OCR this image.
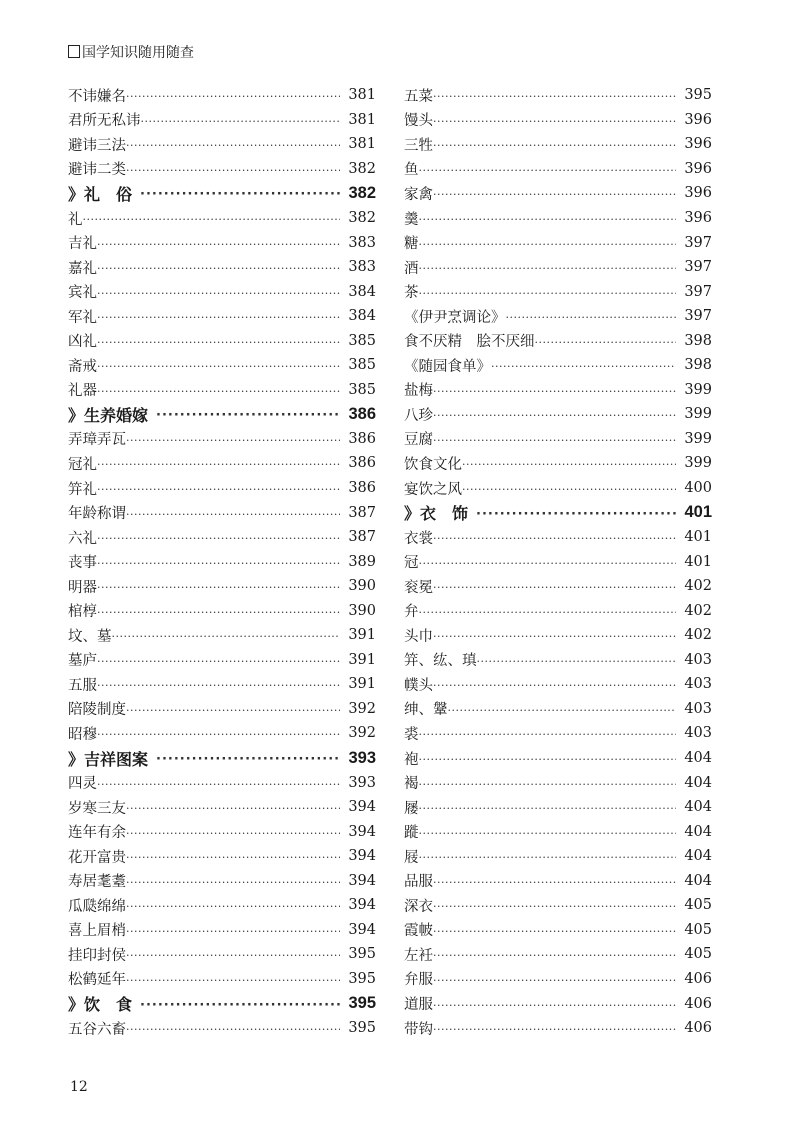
国学知识随用随查
不讳嫌名 ·····	381
君所无私讳 ·····	381
避讳三法 ·····	381
避讳二类 ·····	382
》礼　俗 ·····	382
礼 ·····	382
吉礼 ·····	383
嘉礼 ·····	383
宾礼 ·····	384
军礼 ·····	384
凶礼 ·····	385
斋戒 ·····	385
礼器 ·····	385
》生养婚嫁 ·····	386
弄璋弄瓦 ·····	386
冠礼 ·····	386
笄礼 ·····	386
年龄称谓 ·····	387
六礼 ·····	387
丧事 ·····	389
明器 ·····	390
棺椁 ·····	390
坟、墓 ·····	391
墓庐 ·····	391
五服 ·····	391
陪陵制度 ·····	392
昭穆 ·····	392
》吉祥图案 ·····	393
四灵 ·····	393
岁寒三友 ·····	394
连年有余 ·····	394
花开富贵 ·····	394
寿居耄耋 ·····	394
瓜瓞绵绵 ·····	394
喜上眉梢 ·····	394
挂印封侯 ·····	395
松鹤延年 ·····	395
》饮　食 ·····	395
五谷六畜 ·····	395
五菜 ·····	395
馒头 ·····	396
三牲 ·····	396
鱼 ·····	396
家禽 ·····	396
羹 ·····	396
糖 ·····	397
酒 ·····	397
茶 ·····	397
《伊尹烹调论》 ·····	397
食不厌精　脍不厌细 ·····	398
《随园食单》 ·····	398
盐梅 ·····	399
八珍 ·····	399
豆腐 ·····	399
饮食文化 ·····	399
宴饮之风 ·····	400
》衣　饰 ·····	401
衣裳 ·····	401
冠 ·····	401
衮冕 ·····	402
弁 ·····	402
头巾 ·····	402
笄、纮、瑱 ·····	403
幞头 ·····	403
绅、鞶 ·····	403
裘 ·····	403
袍 ·····	404
褐 ·····	404
屦 ·····	404
蹝 ·····	404
屐 ·····	404
品服 ·····	404
深衣 ·····	405
霞帔 ·····	405
左衽 ·····	405
弁服 ·····	406
道服 ·····	406
带钩 ·····	406
12
